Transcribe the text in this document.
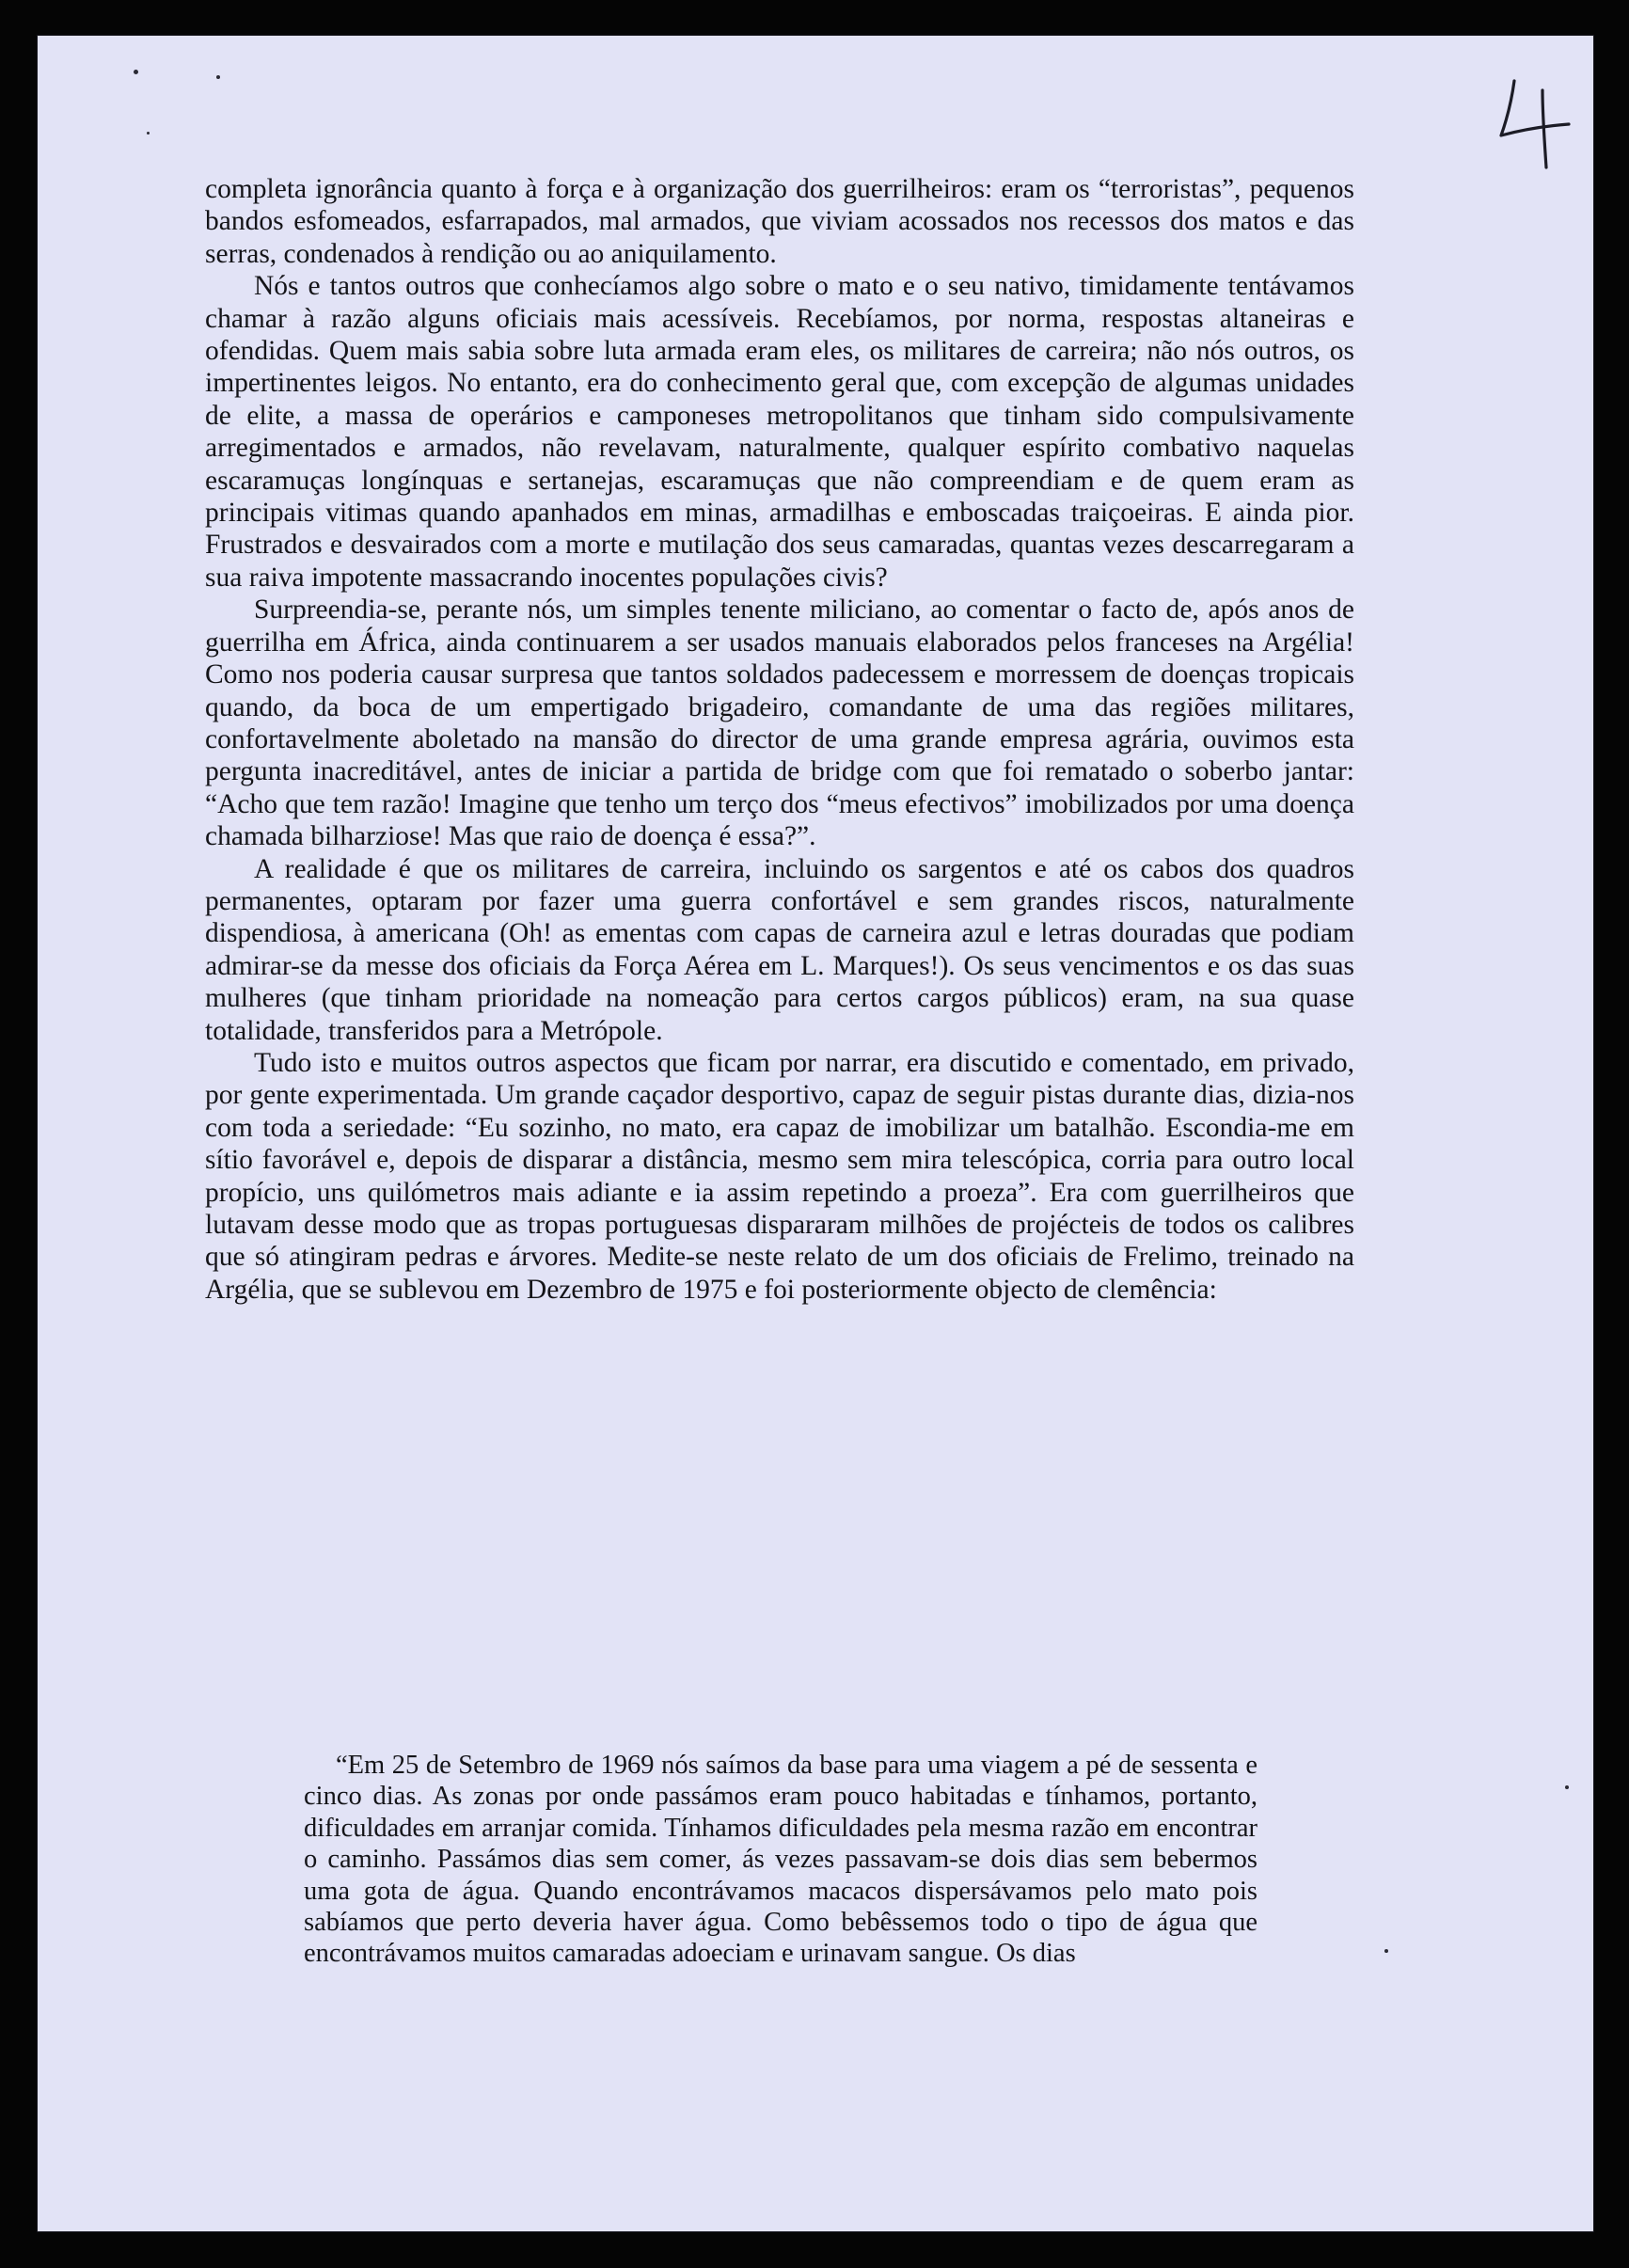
completa ignorância quanto à força e à organização dos guerrilheiros: eram os “terroristas”, pequenos bandos esfomeados, esfarrapados, mal armados, que viviam acossados nos recessos dos matos e das serras, condenados à rendição ou ao aniquilamento.

Nós e tantos outros que conhecíamos algo sobre o mato e o seu nativo, timidamente tentávamos chamar à razão alguns oficiais mais acessíveis. Recebíamos, por norma, respostas altaneiras e ofendidas. Quem mais sabia sobre luta armada eram eles, os militares de carreira; não nós outros, os impertinentes leigos. No entanto, era do conhecimento geral que, com excepção de algumas unidades de elite, a massa de operários e camponeses metropolitanos que tinham sido compulsivamente arregimentados e armados, não revelavam, naturalmente, qualquer espírito combativo naquelas escaramuças longínquas e sertanejas, escaramuças que não compreendiam e de quem eram as principais vitimas quando apanhados em minas, armadilhas e emboscadas traiçoeiras. E ainda pior. Frustrados e desvairados com a morte e mutilação dos seus camaradas, quantas vezes descarregaram a sua raiva impotente massacrando inocentes populações civis?

Surpreendia-se, perante nós, um simples tenente miliciano, ao comentar o facto de, após anos de guerrilha em África, ainda continuarem a ser usados manuais elaborados pelos franceses na Argélia! Como nos poderia causar surpresa que tantos soldados padecessem e morressem de doenças tropicais quando, da boca de um empertigado brigadeiro, comandante de uma das regiões militares, confortavelmente aboletado na mansão do director de uma grande empresa agrária, ouvimos esta pergunta inacreditável, antes de iniciar a partida de bridge com que foi rematado o soberbo jantar: “Acho que tem razão! Imagine que tenho um terço dos “meus efectivos” imobilizados por uma doença chamada bilharziose! Mas que raio de doença é essa?”.

A realidade é que os militares de carreira, incluindo os sargentos e até os cabos dos quadros permanentes, optaram por fazer uma guerra confortável e sem grandes riscos, naturalmente dispendiosa, à americana (Oh! as ementas com capas de carneira azul e letras douradas que podiam admirar-se da messe dos oficiais da Força Aérea em L. Marques!). Os seus vencimentos e os das suas mulheres (que tinham prioridade na nomeação para certos cargos públicos) eram, na sua quase totalidade, transferidos para a Metrópole.

Tudo isto e muitos outros aspectos que ficam por narrar, era discutido e comentado, em privado, por gente experimentada. Um grande caçador desportivo, capaz de seguir pistas durante dias, dizia-nos com toda a seriedade: “Eu sozinho, no mato, era capaz de imobilizar um batalhão. Escondia-me em sítio favorável e, depois de disparar a distância, mesmo sem mira telescópica, corria para outro local propício, uns quilómetros mais adiante e ia assim repetindo a proeza”. Era com guerrilheiros que lutavam desse modo que as tropas portuguesas dispararam milhões de projécteis de todos os calibres que só atingiram pedras e árvores. Medite-se neste relato de um dos oficiais de Frelimo, treinado na Argélia, que se sublevou em Dezembro de 1975 e foi posteriormente objecto de clemência:

“Em 25 de Setembro de 1969 nós saímos da base para uma viagem a pé de sessenta e cinco dias. As zonas por onde passámos eram pouco habitadas e tínhamos, portanto, dificuldades em arranjar comida. Tínhamos dificuldades pela mesma razão em encontrar o caminho. Passámos dias sem comer, ás vezes passavam-se dois dias sem bebermos uma gota de água. Quando encontrávamos macacos dispersávamos pelo mato pois sabíamos que perto deveria haver água. Como bebêssemos todo o tipo de água que encontrávamos muitos camaradas adoeciam e urinavam sangue. Os dias
